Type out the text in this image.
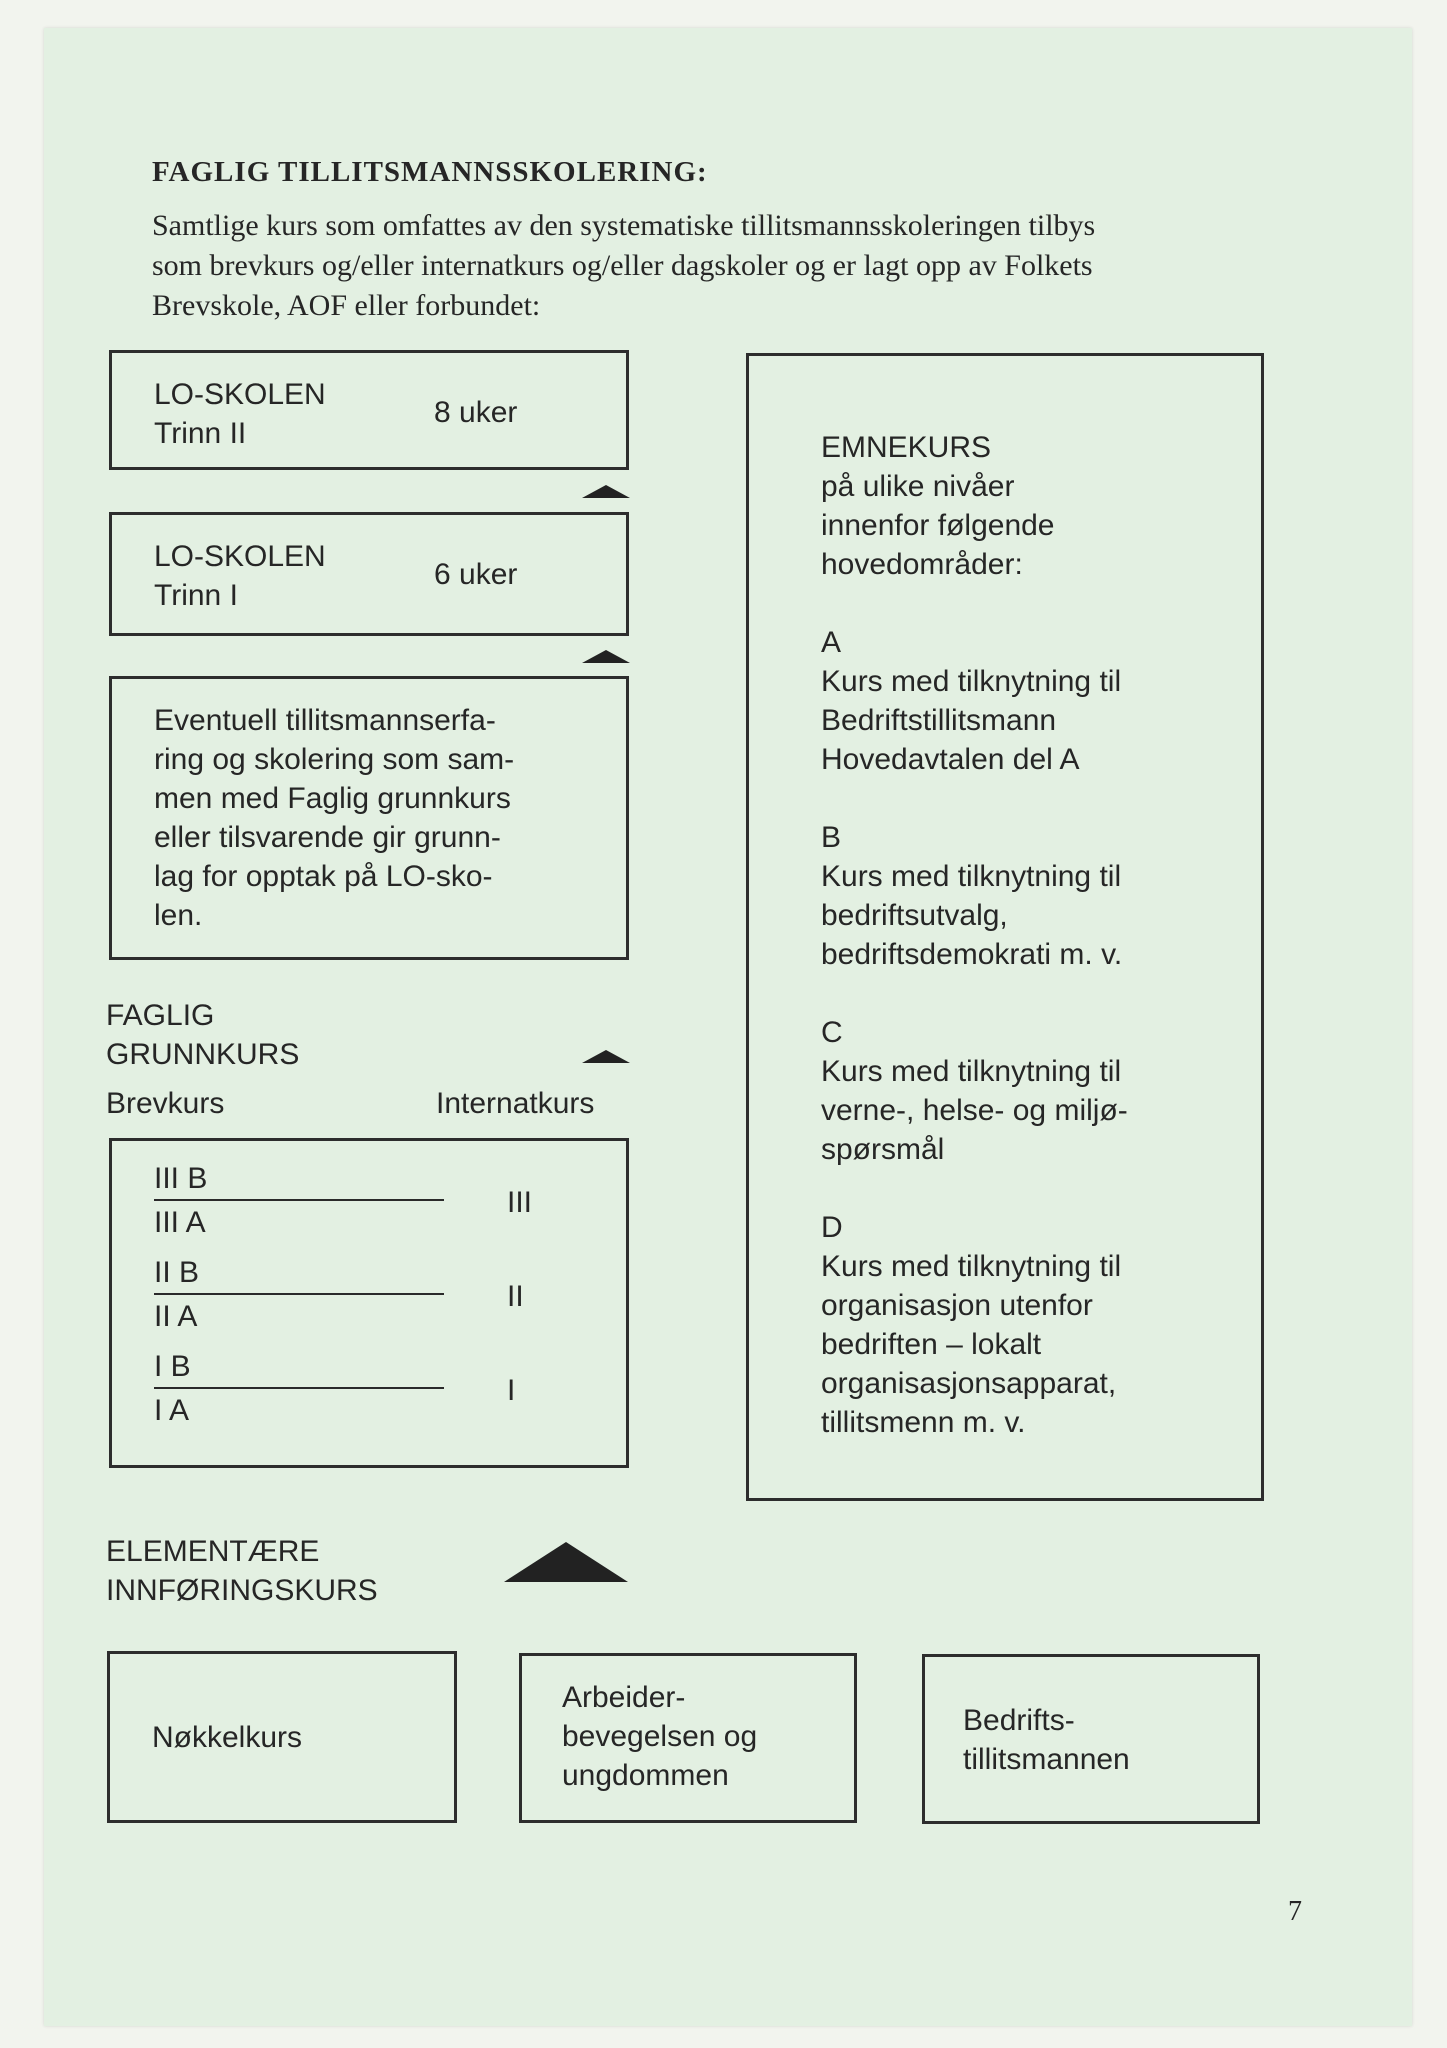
FAGLIG TILLITSMANNSSKOLERING:
Samtlige kurs som omfattes av den systematiske tillitsmannsskoleringen tilbys
som brevkurs og/eller internatkurs og/eller dagskoler og er lagt opp av Folkets
Brevskole, AOF eller forbundet:
LO-SKOLEN
Trinn II
8 uker
LO-SKOLEN
Trinn I
6 uker
Eventuell tillitsmannserfa-
ring og skolering som sam-
men med Faglig grunnkurs
eller tilsvarende gir grunn-
lag for opptak på LO-sko-
len.
FAGLIG
GRUNNKURS
Brevkurs	Internatkurs
III B
III A
III
II B
II A
II
I B
I A
I
EMNEKURS
på ulike nivåer
innenfor følgende
hovedområder:
A
Kurs med tilknytning til
Bedriftstillitsmann
Hovedavtalen del A
B
Kurs med tilknytning til
bedriftsutvalg,
bedriftsdemokrati m. v.
C
Kurs med tilknytning til
verne-, helse- og miljø-
spørsmål
D
Kurs med tilknytning til
organisasjon utenfor
bedriften – lokalt
organisasjonsapparat,
tillitsmenn m. v.
ELEMENTÆRE
INNFØRINGSKURS
Nøkkelkurs
Arbeider-
bevegelsen og
ungdommen
Bedrifts-
tillitsmannen
7
